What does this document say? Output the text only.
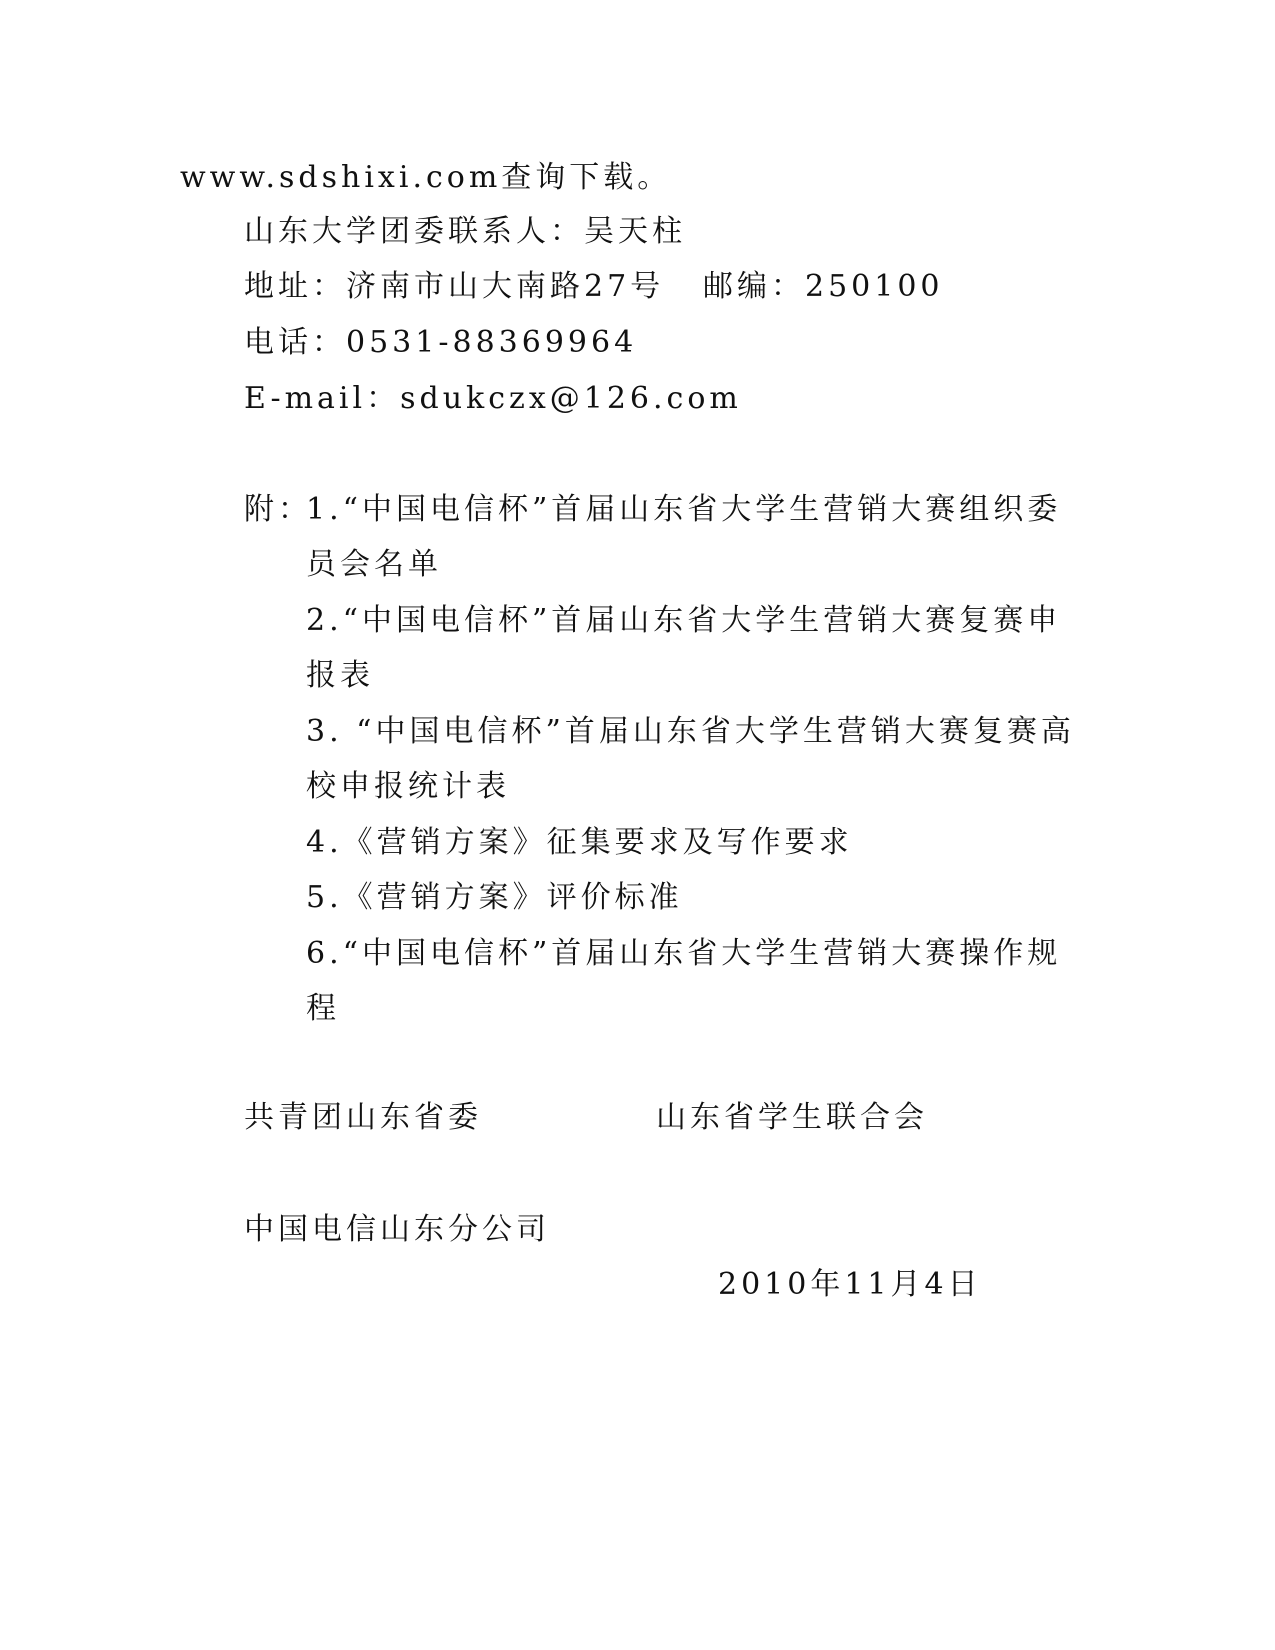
www.sdshixi.com查询下载。
山东大学团委联系人：吴天柱
地址：济南市山大南路27号 邮编：250100
电话：0531-88369964
E-mail：sdukczx@126.com
附：
1.“中国电信杯”首届山东省大学生营销大赛组织委
员会名单
2.“中国电信杯”首届山东省大学生营销大赛复赛申
报表
3. “中国电信杯”首届山东省大学生营销大赛复赛高
校申报统计表
4.《营销方案》征集要求及写作要求
5.《营销方案》评价标准
6.“中国电信杯”首届山东省大学生营销大赛操作规
程
共青团山东省委	山东省学生联合会
中国电信山东分公司
2010年11月4日
